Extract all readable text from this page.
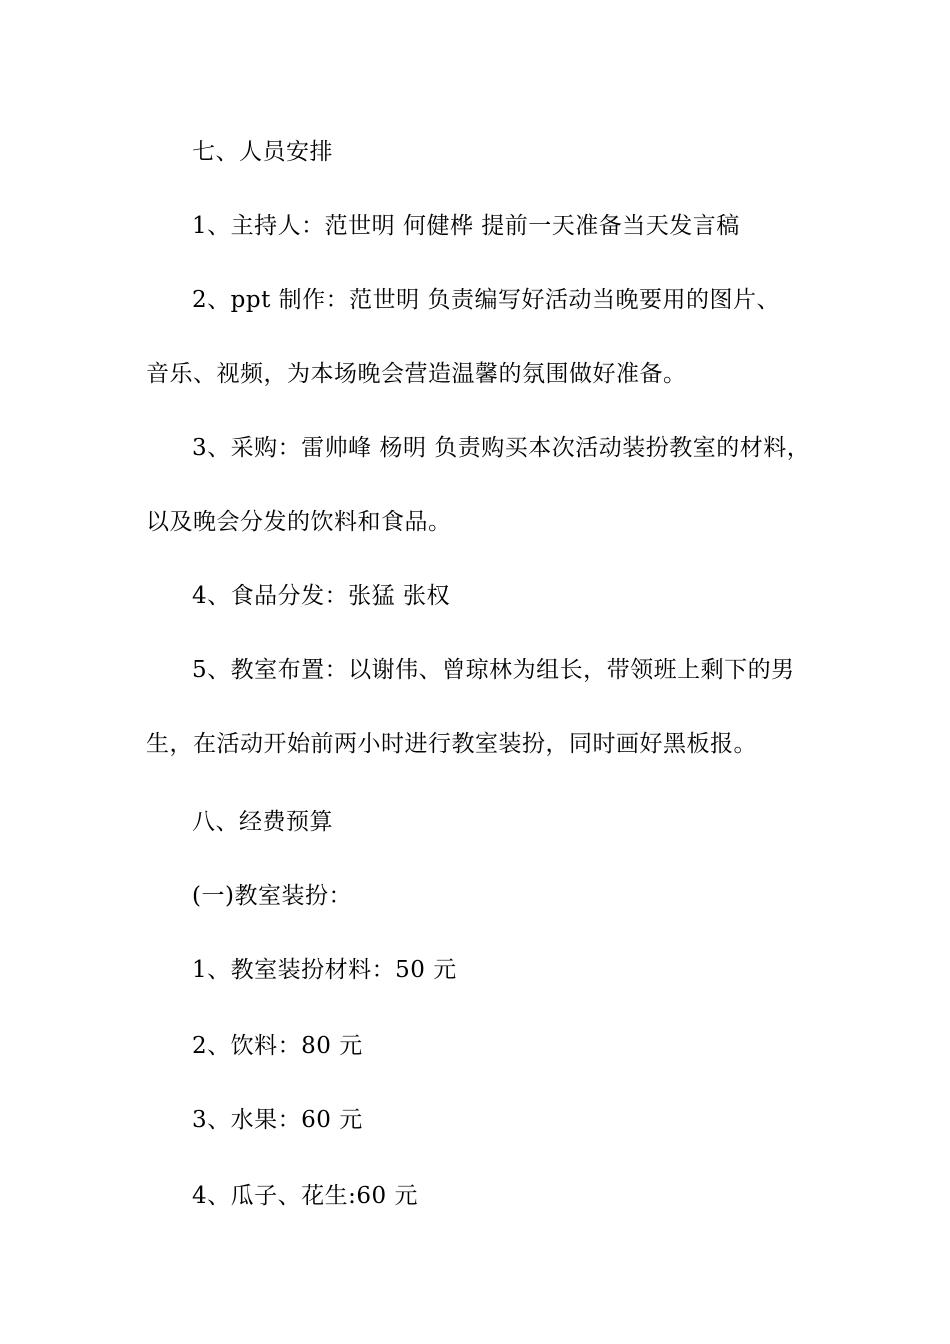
七、人员安排
1、主持人：范世明 何健桦 提前一天准备当天发言稿
2、ppt 制作：范世明 负责编写好活动当晚要用的图片、
音乐、视频，为本场晚会营造温馨的氛围做好准备。
3、采购：雷帅峰 杨明 负责购买本次活动装扮教室的材料，
以及晚会分发的饮料和食品。
4、食品分发：张猛 张权
5、教室布置：以谢伟、曾琼林为组长，带领班上剩下的男
生，在活动开始前两小时进行教室装扮，同时画好黑板报。
八、经费预算
(一)教室装扮：
1、教室装扮材料：50 元
2、饮料：80 元
3、水果：60 元
4、瓜子、花生:60 元
